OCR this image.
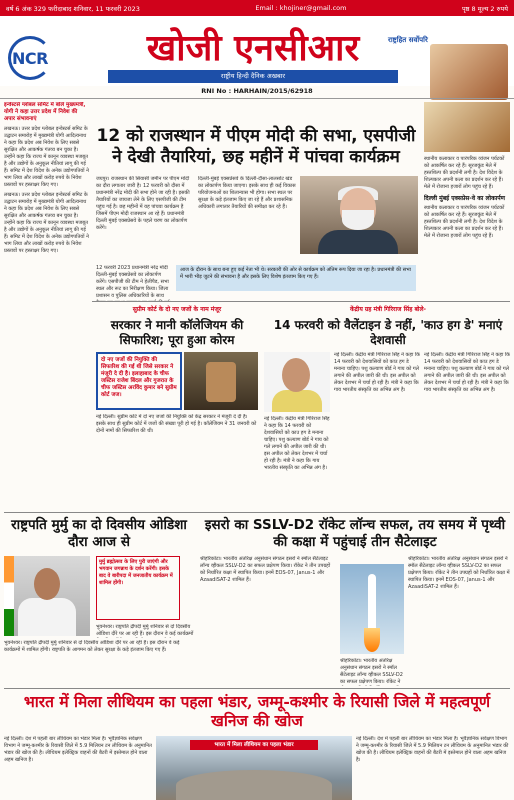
वर्ष 6 अंक 329 फरीदाबाद शनिवार, 11 फरवरी 2023	Email : khojiner@gmail.com	पृष्ठ 8 मूल्य 2 रुपये
NCR	खोजी एनसीआर	राष्ट्रहित सर्वोपरि
राष्ट्रीय हिन्दी दैनिक अखबार
RNI No : HARHAIN/2015/62918
इन्वेस्टर्स ग्लोबल समिट में बोले मुख्यमंत्री, योगी ने कहा उत्तर प्रदेश में निवेश की अपार संभावनाएं
लखनऊ। उत्तर प्रदेश ग्लोबल इन्वेस्टर्स समिट के उद्घाटन समारोह में मुख्यमंत्री योगी आदित्यनाथ ने कहा कि प्रदेश अब निवेश के लिए सबसे सुरक्षित और आकर्षक गंतव्य बन चुका है। उन्होंने कहा कि राज्य में कानून व्यवस्था मजबूत है और उद्योगों के अनुकूल नीतियां लागू की गई हैं। समिट में देश विदेश के अनेक उद्योगपतियों ने भाग लिया और लाखों करोड़ रुपये के निवेश प्रस्तावों पर हस्ताक्षर किए गए।
लखनऊ। उत्तर प्रदेश ग्लोबल इन्वेस्टर्स समिट के उद्घाटन समारोह में मुख्यमंत्री योगी आदित्यनाथ ने कहा कि प्रदेश अब निवेश के लिए सबसे सुरक्षित और आकर्षक गंतव्य बन चुका है। उन्होंने कहा कि राज्य में कानून व्यवस्था मजबूत है और उद्योगों के अनुकूल नीतियां लागू की गई हैं। समिट में देश विदेश के अनेक उद्योगपतियों ने भाग लिया और लाखों करोड़ रुपये के निवेश प्रस्तावों पर हस्ताक्षर किए गए।
12 को राजस्थान में पीएम मोदी की सभा, एसपीजी ने देखी तैयारियां, छह महीनें में पांचवा कार्यक्रम
जयपुर। राजस्थान की सियासी जमीन पर पीएम मोदी का दौरा लगातार जारी है। 12 फरवरी को दौसा में प्रधानमंत्री नरेंद्र मोदी की सभा होने जा रही है। इसकी तैयारियों का जायजा लेने के लिए एसपीजी की टीम पहुंच गई है। छह महीनों में यह पांचवा कार्यक्रम है जिसमें पीएम मोदी राजस्थान आ रहे हैं। प्रधानमंत्री दिल्ली मुंबई एक्सप्रेसवे के पहले चरण का लोकार्पण करेंगे।
दिल्ली-मुंबई एक्सप्रेसवे के दिल्ली-दौसा-लालसोट खंड का लोकार्पण किया जाएगा। इसके साथ ही कई विकास परियोजनाओं का शिलान्यास भी होगा। सभा स्थल पर सुरक्षा के कड़े इंतजाम किए जा रहे हैं और प्रशासनिक अधिकारी लगातार तैयारियों की समीक्षा कर रहे हैं।
12 फरवरी 2023 प्रधानमंत्री नरेंद्र मोदी दिल्ली-मुंबई एक्सप्रेसवे का लोकार्पण करेंगे। एसपीजी की टीम ने हेलीपैड, सभा स्थल और रूट का निरीक्षण किया। जिला प्रशासन व पुलिस अधिकारियों के साथ
आज के दौरान के साथ बना हुए कई नेता भी थे। सरकारी की ओर से कार्यक्रम को अंतिम रूप दिया जा रहा है। प्रधानमंत्री की सभा में भारी भीड़ जुटने की संभावना है और इसके लिए विशेष इंतजाम किए गए हैं।
स्थानीय कलाकार व पारंपरिक व्यंजन पर्यटकों को आकर्षित कर रहे हैं। सूरजकुंड मेले में हस्तशिल्प की प्रदर्शनी लगी है। देश विदेश के शिल्पकार अपनी कला का प्रदर्शन कर रहे हैं। मेले में रोजाना हजारों लोग पहुंच रहे हैं।
दिल्ली मुंबई एक्सप्रेस-वे का लोकार्पण
स्थानीय कलाकार व पारंपरिक व्यंजन पर्यटकों को आकर्षित कर रहे हैं। सूरजकुंड मेले में हस्तशिल्प की प्रदर्शनी लगी है। देश विदेश के शिल्पकार अपनी कला का प्रदर्शन कर रहे हैं। मेले में रोजाना हजारों लोग पहुंच रहे हैं।
सुप्रीम कोर्ट के दो नए जजों के नाम मंजूर
सरकार ने मानी कॉलेजियम की सिफारिश; पूरा हुआ कोरम
दो नए जजों की नियुक्ति की सिफारिश की गई थी जिसे सरकार ने मंजूरी दे दी है। इलाहाबाद के चीफ जस्टिस राजेश बिंदल और गुजरात के चीफ जस्टिस अरविंद कुमार बने सुप्रीम कोर्ट जज।
नई दिल्ली। सुप्रीम कोर्ट में दो नए जजों की नियुक्ति को केंद्र सरकार ने मंजूरी दे दी है। इसके साथ ही सुप्रीम कोर्ट में जजों की संख्या पूरी हो गई है। कॉलेजियम ने 31 जनवरी को दोनों नामों की सिफारिश की थी।
केंद्रीय ग्रह मंत्री गिरिराज सिंह बोले-
14 फरवरी को वैलेंटाइन डे नहीं, 'काउ हग डे' मनाएं देशवासी
नई दिल्ली। केंद्रीय मंत्री गिरिराज सिंह ने कहा कि 14 फरवरी को देशवासियों को काउ हग डे मनाना चाहिए। पशु कल्याण बोर्ड ने गाय को गले लगाने की अपील जारी की थी। इस अपील को लेकर देशभर में चर्चा हो रही है। मंत्री ने कहा कि गाय भारतीय संस्कृति का अभिन्न अंग है।
नई दिल्ली। केंद्रीय मंत्री गिरिराज सिंह ने कहा कि 14 फरवरी को देशवासियों को काउ हग डे मनाना चाहिए। पशु कल्याण बोर्ड ने गाय को गले लगाने की अपील जारी की थी। इस अपील को लेकर देशभर में चर्चा हो रही है। मंत्री ने कहा कि गाय भारतीय संस्कृति का अभिन्न अंग है।
नई दिल्ली। केंद्रीय मंत्री गिरिराज सिंह ने कहा कि 14 फरवरी को देशवासियों को काउ हग डे मनाना चाहिए। पशु कल्याण बोर्ड ने गाय को गले लगाने की अपील जारी की थी। इस अपील को लेकर देशभर में चर्चा हो रही है। मंत्री ने कहा कि गाय भारतीय संस्कृति का अभिन्न अंग है।
राष्ट्रपति मुर्मु का दो दिवसीय ओडिशा दौरा आज से
मुर्मु ब्रह्मोत्सव के लिए पुरी जाएंगी और भगवान जगन्नाथ के दर्शन करेंगी। इसके बाद वे बारीपदा में जनजातीय कार्यक्रम में शामिल होंगी।
भुवनेश्वर। राष्ट्रपति द्रौपदी मुर्मु शनिवार से दो दिवसीय ओडिशा दौरे पर आ रही हैं। इस दौरान वे कई कार्यक्रमों में शामिल होंगी। राष्ट्रपति के आगमन को लेकर सुरक्षा के कड़े इंतजाम किए गए हैं।
भुवनेश्वर। राष्ट्रपति द्रौपदी मुर्मु शनिवार से दो दिवसीय ओडिशा दौरे पर आ रही हैं। इस दौरान वे कई कार्यक्रमों
इसरो का SSLV-D2 रॉकेट लॉन्च सफल, तय समय में पृथ्वी की कक्षा में पहुंचाई तीन सैटेलाइट
श्रीहरिकोटा। भारतीय अंतरिक्ष अनुसंधान संगठन इसरो ने स्मॉल सैटेलाइट लॉन्च व्हीकल SSLV-D2 का सफल प्रक्षेपण किया। रॉकेट ने तीन उपग्रहों को निर्धारित कक्षा में स्थापित किया। इनमें EOS-07, Janus-1 और AzaadiSAT-2 शामिल हैं।
श्रीहरिकोटा। भारतीय अंतरिक्ष अनुसंधान संगठन इसरो ने स्मॉल सैटेलाइट लॉन्च व्हीकल SSLV-D2 का सफल प्रक्षेपण किया। रॉकेट ने तीन उपग्रहों को निर्धारित कक्षा में स्थापित किया। इनमें EOS-07, Janus-1 और AzaadiSAT-2 शामिल हैं।
श्रीहरिकोटा। भारतीय अंतरिक्ष अनुसंधान संगठन इसरो ने स्मॉल सैटेलाइट लॉन्च व्हीकल SSLV-D2 का सफल प्रक्षेपण किया। रॉकेट ने
भारत में मिला लीथियम का पहला भंडार, जम्मू-कश्मीर के रियासी जिले में महत्वपूर्ण खनिज की खोज
नई दिल्ली। देश में पहली बार लीथियम का भंडार मिला है। भूवैज्ञानिक सर्वेक्षण विभाग ने जम्मू-कश्मीर के रियासी जिले में 5.9 मिलियन टन लीथियम के अनुमानित भंडार की खोज की है। लीथियम इलेक्ट्रिक वाहनों की बैटरी में इस्तेमाल होने वाला अहम खनिज है।
भारत में मिला लीथियम का पहला भंडार
नई दिल्ली। देश में पहली बार लीथियम का भंडार मिला है। भूवैज्ञानिक सर्वेक्षण विभाग ने जम्मू-कश्मीर के रियासी जिले में 5.9 मिलियन टन लीथियम के अनुमानित भंडार की खोज की है। लीथियम इलेक्ट्रिक वाहनों की बैटरी में इस्तेमाल होने वाला अहम खनिज है।
